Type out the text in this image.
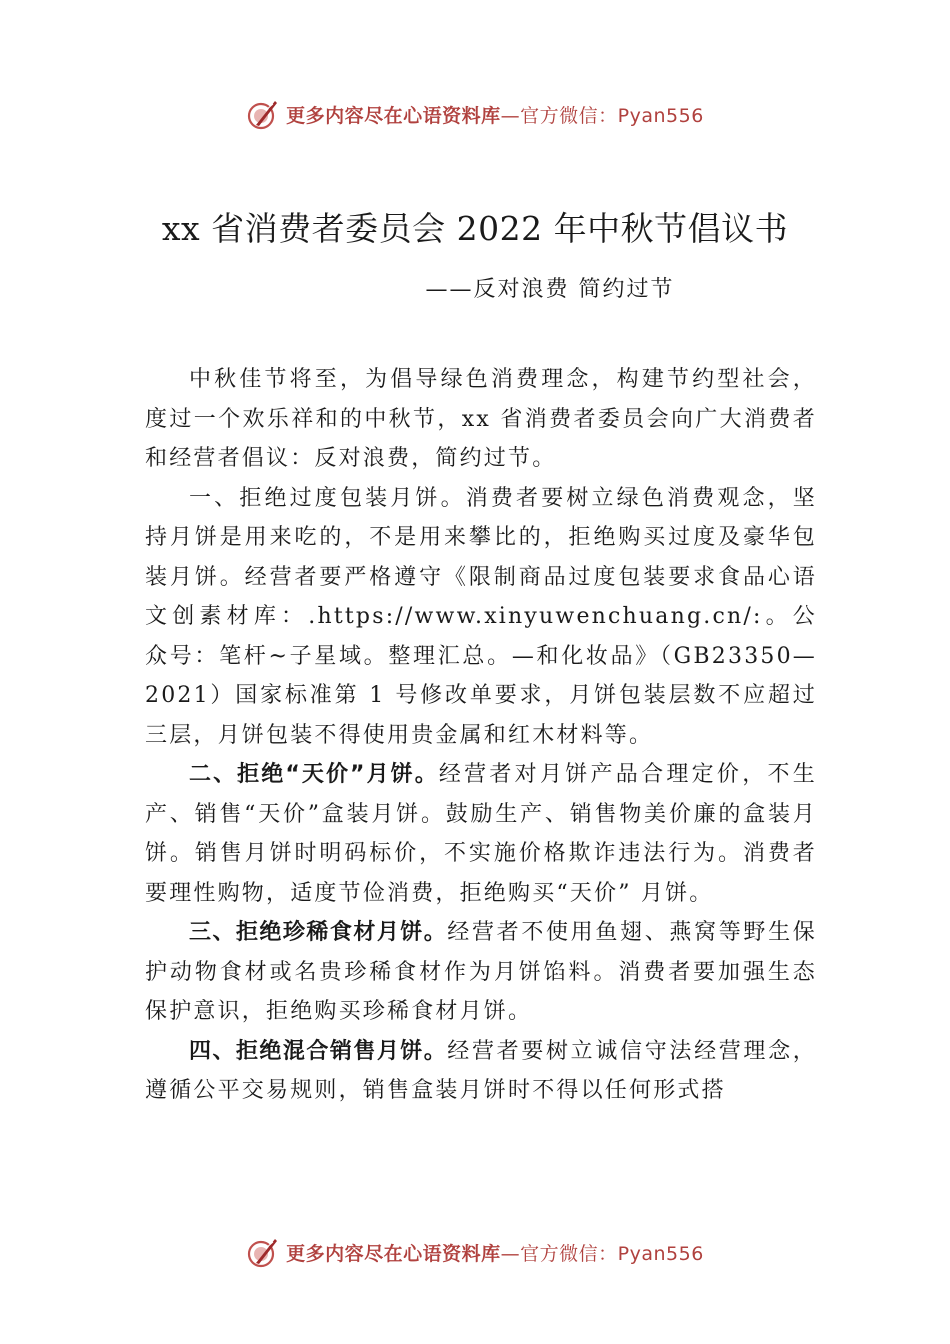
更多内容尽在心语资料库—官方微信：Pyan556
xx 省消费者委员会 2022 年中秋节倡议书
——反对浪费 简约过节

中秋佳节将至，为倡导绿色消费理念，构建节约型社会，度过一个欢乐祥和的中秋节，xx 省消费者委员会向广大消费者和经营者倡议：反对浪费，简约过节。

一、拒绝过度包装月饼。消费者要树立绿色消费观念，坚持月饼是用来吃的，不是用来攀比的，拒绝购买过度及豪华包装月饼。经营者要严格遵守《限制商品过度包装要求食品心语文创素材库：.https://www.xinyuwenchuang.cn/:。公众号：笔杆~子星域。整理汇总。—和化妆品》（GB23350—2021）国家标准第 1 号修改单要求，月饼包装层数不应超过三层，月饼包装不得使用贵金属和红木材料等。

二、拒绝“天价”月饼。经营者对月饼产品合理定价，不生产、销售“天价”盒装月饼。鼓励生产、销售物美价廉的盒装月饼。销售月饼时明码标价，不实施价格欺诈违法行为。消费者要理性购物，适度节俭消费，拒绝购买“天价” 月饼。

三、拒绝珍稀食材月饼。经营者不使用鱼翅、燕窝等野生保护动物食材或名贵珍稀食材作为月饼馅料。消费者要加强生态保护意识，拒绝购买珍稀食材月饼。

四、拒绝混合销售月饼。经营者要树立诚信守法经营理念，遵循公平交易规则，销售盒装月饼时不得以任何形式搭

更多内容尽在心语资料库—官方微信：Pyan556
